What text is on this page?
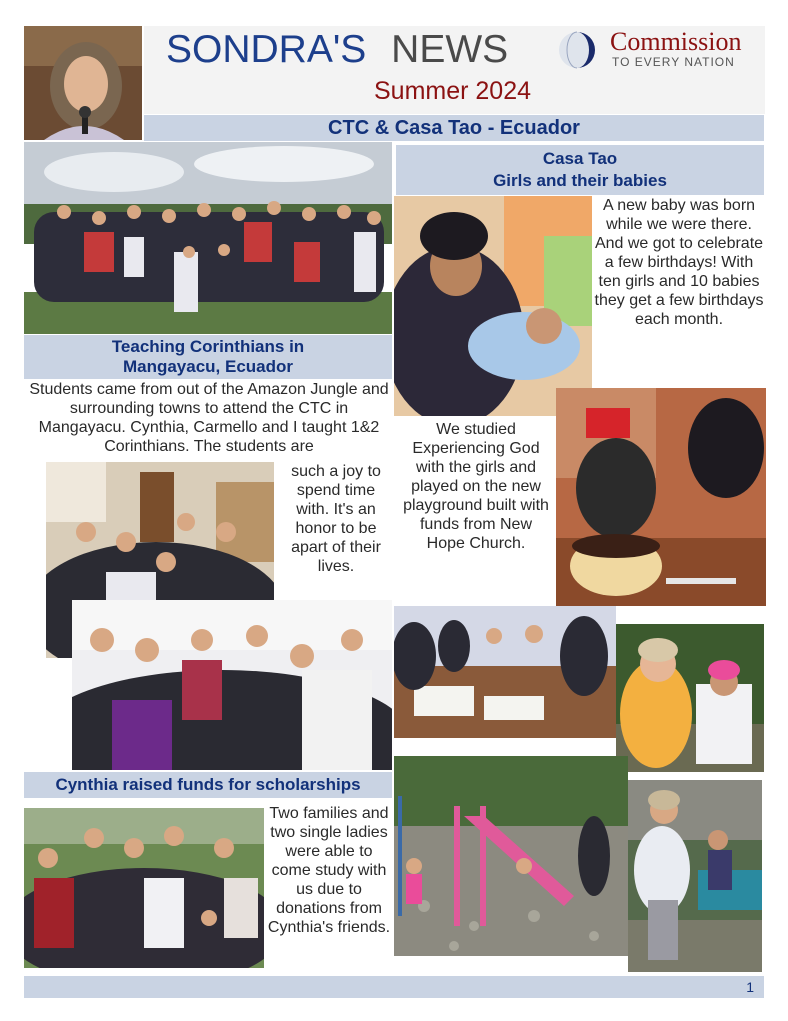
SONDRA'S NEWS
Summer 2024
Commission
TO EVERY NATION
CTC & Casa Tao - Ecuador
Teaching Corinthians in
Mangayacu, Ecuador
Students came from out of the Amazon Jungle and surrounding towns to attend the CTC in Mangayacu. Cynthia, Carmello and I taught 1&2 Corinthians. The students are
such a joy to spend time with. It's an honor to be apart of their lives.
Cynthia raised funds for scholarships
Two families and two single ladies were able to come study with us due to donations from Cynthia's friends.
Casa Tao
Girls and their babies
A new baby was born while we were there. And we got to celebrate a few birthdays! With ten girls and 10 babies they get a few birthdays each month.
We studied Experiencing God with the girls and played on the new playground built with funds from New Hope Church.
1
